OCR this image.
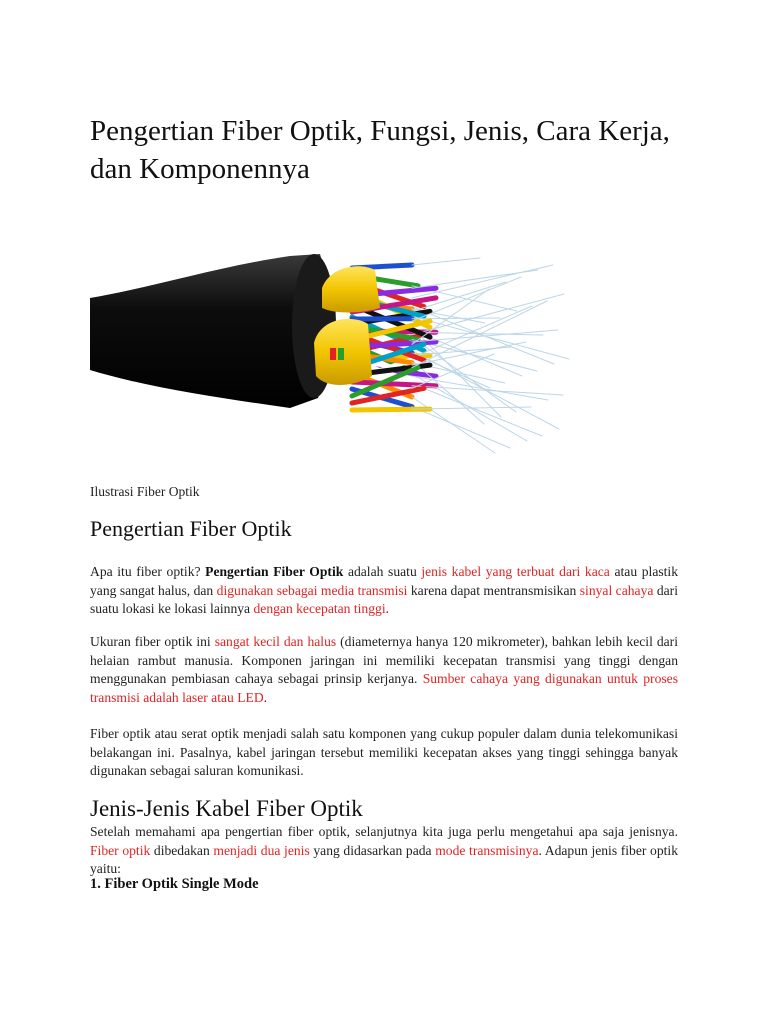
Pengertian Fiber Optik, Fungsi, Jenis, Cara Kerja, dan Komponennya

Ilustrasi Fiber Optik

Pengertian Fiber Optik

Apa itu fiber optik? Pengertian Fiber Optik adalah suatu jenis kabel yang terbuat dari kaca atau plastik yang sangat halus, dan digunakan sebagai media transmisi karena dapat mentransmisikan sinyal cahaya dari suatu lokasi ke lokasi lainnya dengan kecepatan tinggi.

Ukuran fiber optik ini sangat kecil dan halus (diameternya hanya 120 mikrometer), bahkan lebih kecil dari helaian rambut manusia. Komponen jaringan ini memiliki kecepatan transmisi yang tinggi dengan menggunakan pembiasan cahaya sebagai prinsip kerjanya. Sumber cahaya yang digunakan untuk proses transmisi adalah laser atau LED.

Fiber optik atau serat optik menjadi salah satu komponen yang cukup populer dalam dunia telekomunikasi belakangan ini. Pasalnya, kabel jaringan tersebut memiliki kecepatan akses yang tinggi sehingga banyak digunakan sebagai saluran komunikasi.

Jenis-Jenis Kabel Fiber Optik

Setelah memahami apa pengertian fiber optik, selanjutnya kita juga perlu mengetahui apa saja jenisnya. Fiber optik dibedakan menjadi dua jenis yang didasarkan pada mode transmisinya. Adapun jenis fiber optik yaitu:

1. Fiber Optik Single Mode
